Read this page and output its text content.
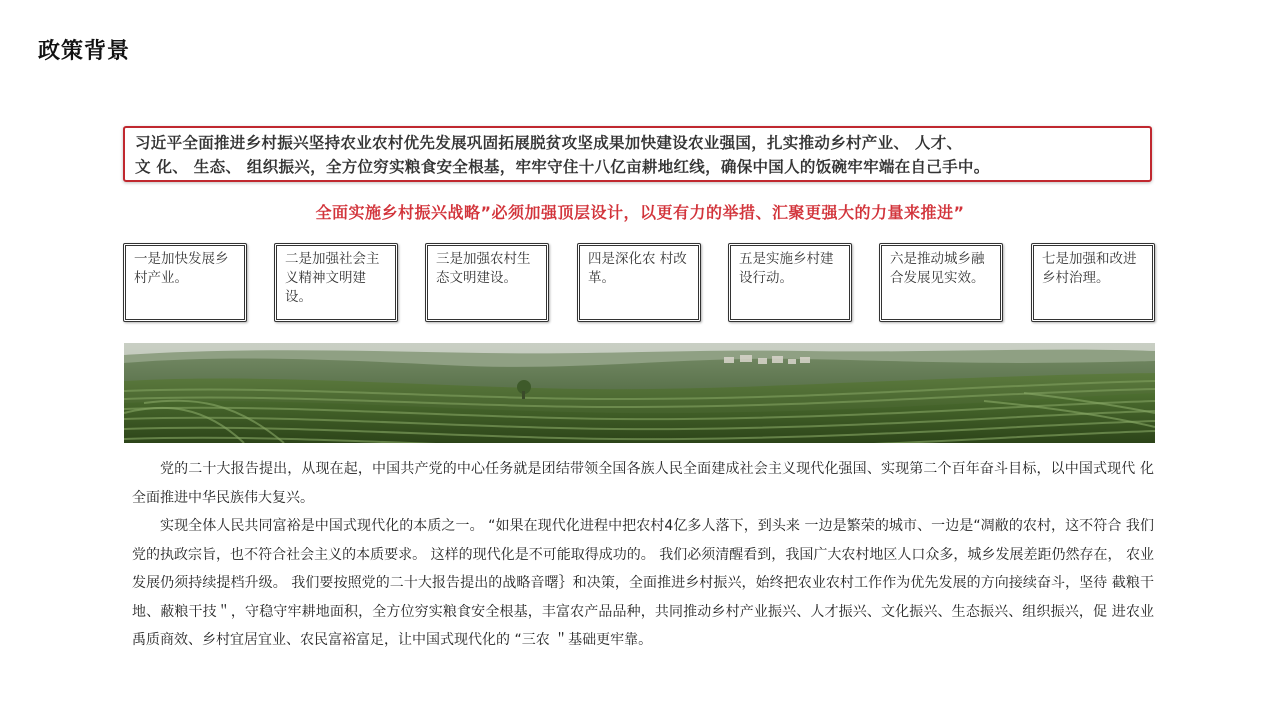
政策背景

习近平全面推进乡村振兴坚持农业农村优先发展巩固拓展脱贫攻坚成果加快建设农业强国，扎实推动乡村产业、 人才、

文 化、 生态、 组织振兴，全方位穷实粮食安全根基，牢牢守住十八亿亩耕地红线，确保中国人的饭碗牢牢端在自己手中。

全面实施乡村振兴战略”必须加强顶层设计，以更有力的举措、汇聚更强大的力量来推进”
一是加快发展乡村产业。
二是加强社会主义精神文明建设。
三是加强农村生态文明建设。
四是深化农 村改革。
五是实施乡村建设行动。
六是推动城乡融合发展见实效。
七是加强和改进乡村治理。

党的二十大报告提出，从现在起，中国共产党的中心任务就是团结带领全国各族人民全面建成社会主义现代化强国、实现第二个百年奋斗目标，以中国式现代 化全面推进中华民族伟大复兴。

实现全体人民共同富裕是中国式现代化的本质之一。 “如果在现代化进程中把农村4亿多人落下，到头来 一边是繁荣的城市、一边是“凋敝的农村，这不符合 我们党的执政宗旨，也不符合社会主义的本质要求。 这样的现代化是不可能取得成功的。 我们必须清醒看到，我国广大农村地区人口众多，城乡发展差距仍然存在， 农业发展仍须持续提档升级。 我们要按照党的二十大报告提出的战略音曙｝和决策，全面推进乡村振兴，始终把农业农村工作作为优先发展的方向接续奋斗，坚待 截粮干地、蔽粮干技＂，守稳守牢耕地面积，全方位穷实粮食安全根基，丰富农产品品种，共同推动乡村产业振兴、人才振兴、文化振兴、生态振兴、组织振兴，促 进农业禹质商效、乡村宜居宜业、农民富裕富足，让中国式现代化的 “三农 ＂基础更牢靠。
